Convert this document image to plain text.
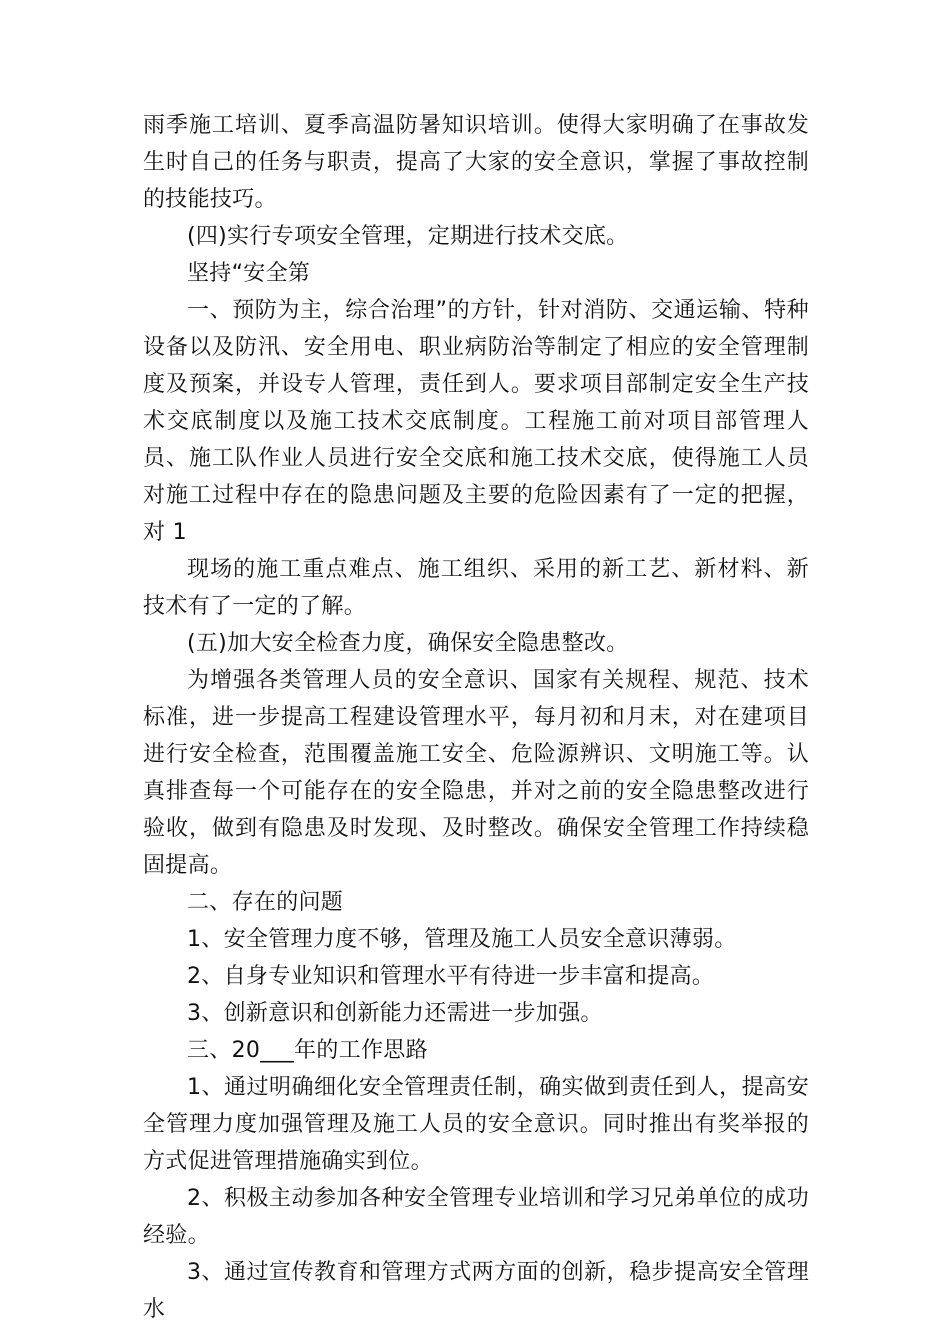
雨季施工培训、夏季高温防暑知识培训。使得大家明确了在事故发生时自己的任务与职责，提高了大家的安全意识，掌握了事故控制的技能技巧。

(四)实行专项安全管理，定期进行技术交底。

坚持“安全第

一、预防为主，综合治理”的方针，针对消防、交通运输、特种设备以及防汛、安全用电、职业病防治等制定了相应的安全管理制度及预案，并设专人管理，责任到人。要求项目部制定安全生产技术交底制度以及施工技术交底制度。工程施工前对项目部管理人员、施工队作业人员进行安全交底和施工技术交底，使得施工人员对施工过程中存在的隐患问题及主要的危险因素有了一定的把握，对 1

现场的施工重点难点、施工组织、采用的新工艺、新材料、新技术有了一定的了解。

(五)加大安全检查力度，确保安全隐患整改。

为增强各类管理人员的安全意识、国家有关规程、规范、技术标准，进一步提高工程建设管理水平，每月初和月末，对在建项目进行安全检查，范围覆盖施工安全、危险源辨识、文明施工等。认真排查每一个可能存在的安全隐患，并对之前的安全隐患整改进行验收，做到有隐患及时发现、及时整改。确保安全管理工作持续稳固提高。

二、存在的问题

1、安全管理力度不够，管理及施工人员安全意识薄弱。

2、自身专业知识和管理水平有待进一步丰富和提高。

3、创新意识和创新能力还需进一步加强。

三、20___年的工作思路

1、通过明确细化安全管理责任制，确实做到责任到人，提高安全管理力度加强管理及施工人员的安全意识。同时推出有奖举报的方式促进管理措施确实到位。

2、积极主动参加各种安全管理专业培训和学习兄弟单位的成功经验。

3、通过宣传教育和管理方式两方面的创新，稳步提高安全管理水
